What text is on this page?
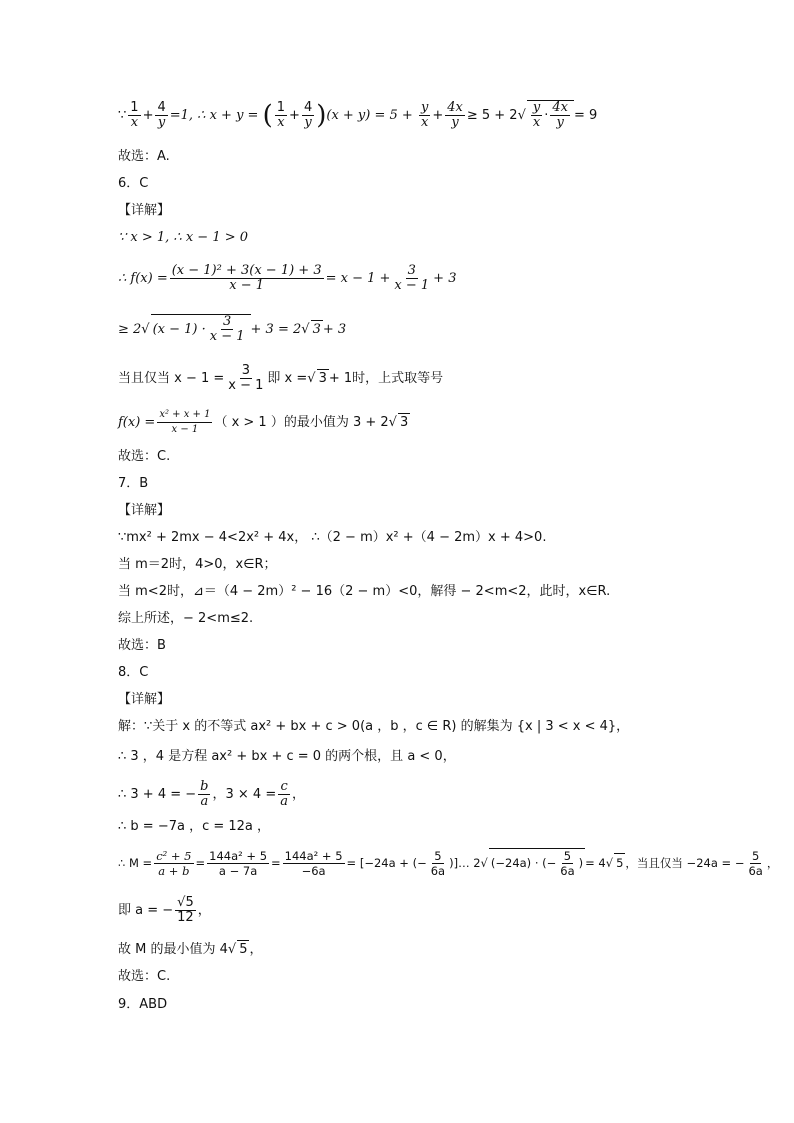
∵ $\frac{1}{x} + \frac{4}{y} =1$, ∴ x + y = ( $\frac{1}{x} + \frac{4}{y} )(x + y) = 5 + \frac{y}{x} + \frac{4x}{y} \ge 5 + 2√ \frac{y}{x} \cdot \frac{4x}{y} = 9$
故选：A.
6．C
【详解】
∵ x > 1, ∴ x − 1 > 0
∴ $f(x) = \frac{\text{(x − 1)² + 3(x − 1) + 3}}{x - 1} = x - 1 + \frac{3}{x - 1} + 3$
≥ 2√ $(x - 1) \cdot \frac{3}{x - 1} + 3 = 2√$ 3 + 3
当且仅当 $x - 1 = \frac{3}{x - 1}$ 即 x =√ 3 + 1时，上式取等号
$f(x) = \frac{\text{x² + x + 1}}{x - 1}$ （ x > 1 ）的最小值为 3 + 2√ 3
故选：C.
7．B
【详解】
∵mx² + 2mx − 4<2x² + 4x， ∴（2 − m）x² +（4 − 2m）x + 4>0.
当 m＝2时，4>0，x∈R；
当 m<2时，⊿＝（4 − 2m）² − 16（2 − m）<0，解得 − 2<m<2，此时，x∈R.
综上所述，− 2<m≤2.
故选：B
8．C
【详解】
解：∵关于 x 的不等式 ax² + bx + c > 0(a ，b ，c ∈ R) 的解集为 {x | 3 < x < 4}，
∴ 3 ，4 是方程 ax² + bx + c = 0 的两个根，且 a < 0，
∴ 3 + 4 = − $\frac{b}{a}$ ，$3 \times 4 = \frac{c}{a}$ ，
∴ b = −7a ，c = 12a ，
∴ $M = \frac{\text{c² + 5}}{a + b} = \frac{\text{144a² + 5}}{a - 7a} = \frac{\text{144a² + 5}}{-6a} = [-24a$ + (− $\frac{5}{6a}$ )]… 2√ (−24a) · (− $\frac{5}{6a}$ ) = 4√ 5 ，当且仅当 −24a = − $\frac{5}{6a}$ ，
即 a = − $\frac{√5}{12}$ ，
故 M 的最小值为 4√ 5 ，
故选：C.
9．ABD
